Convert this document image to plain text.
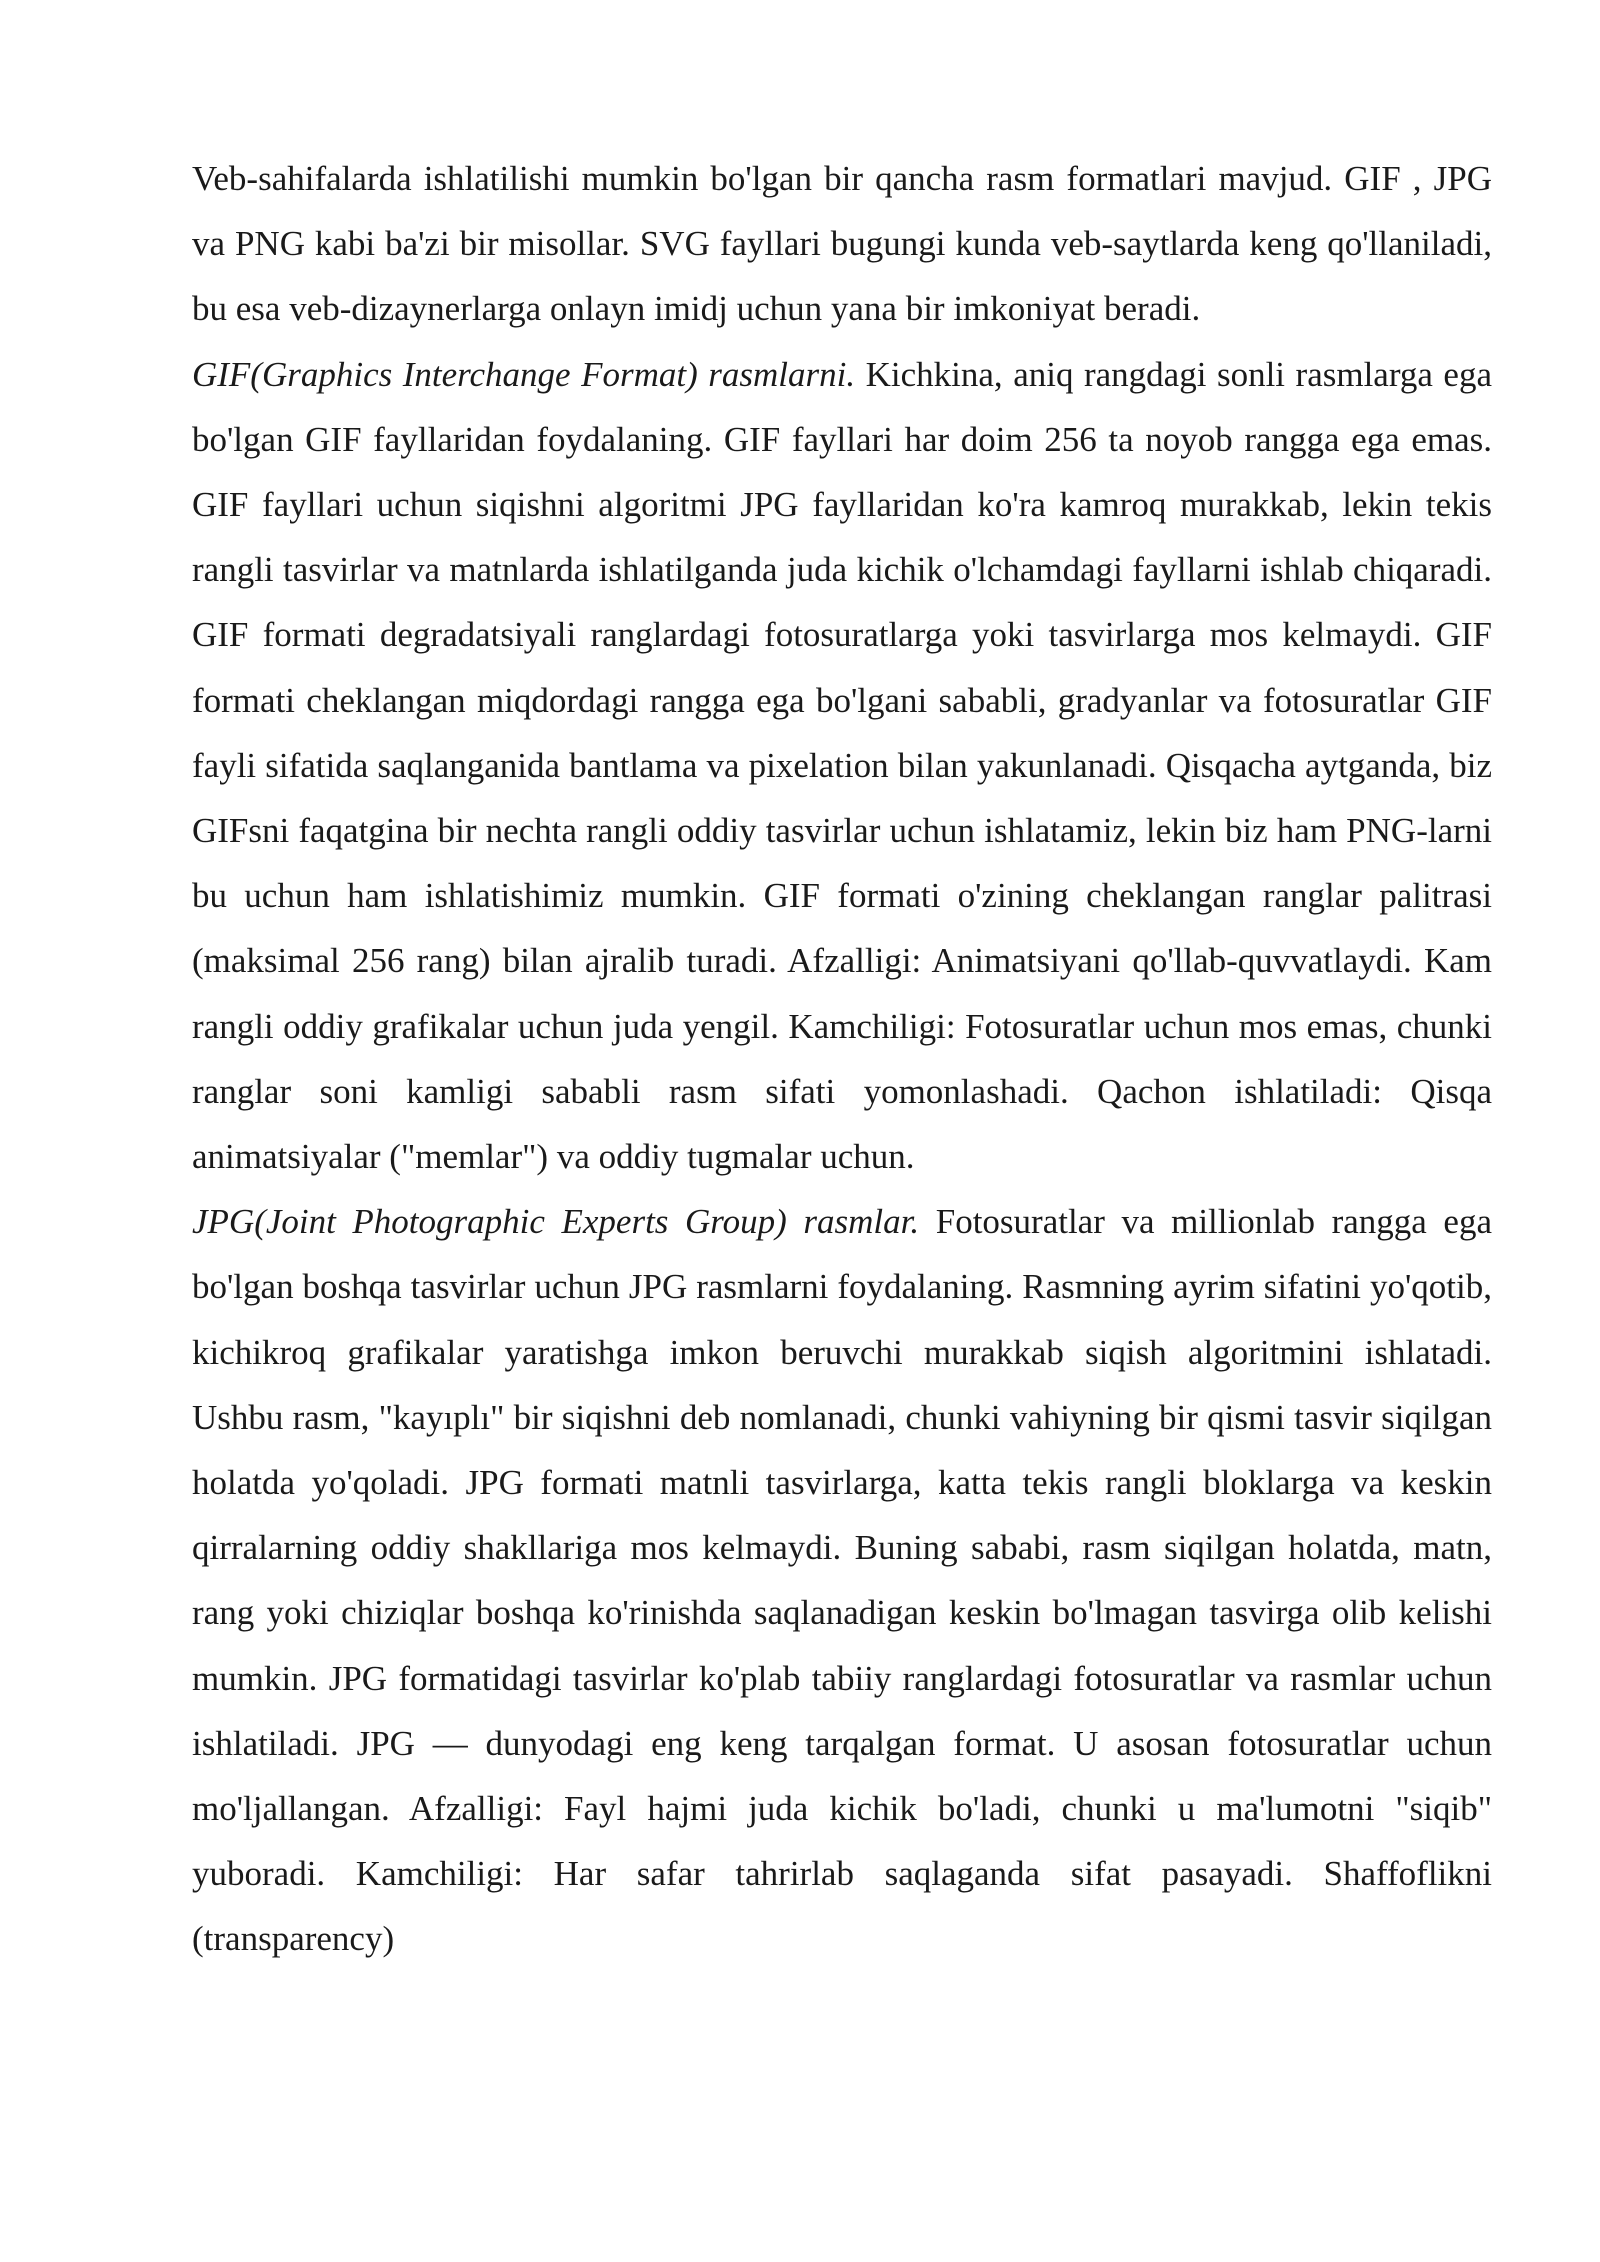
Veb-sahifalarda ishlatilishi mumkin bo'lgan bir qancha rasm formatlari mavjud. GIF , JPG va PNG kabi ba'zi bir misollar. SVG fayllari bugungi kunda veb-saytlarda keng qo'llaniladi, bu esa veb-dizaynerlarga onlayn imidj uchun yana bir imkoniyat beradi.

GIF(Graphics Interchange Format) rasmlarni. Kichkina, aniq rangdagi sonli rasmlarga ega bo'lgan GIF fayllaridan foydalaning. GIF fayllari har doim 256 ta noyob rangga ega emas. GIF fayllari uchun siqishni algoritmi JPG fayllaridan ko'ra kamroq murakkab, lekin tekis rangli tasvirlar va matnlarda ishlatilganda juda kichik o'lchamdagi fayllarni ishlab chiqaradi. GIF formati degradatsiyali ranglardagi fotosuratlarga yoki tasvirlarga mos kelmaydi. GIF formati cheklangan miqdordagi rangga ega bo'lgani sababli, gradyanlar va fotosuratlar GIF fayli sifatida saqlanganida bantlama va pixelation bilan yakunlanadi. Qisqacha aytganda, biz GIFsni faqatgina bir nechta rangli oddiy tasvirlar uchun ishlatamiz, lekin biz ham PNG-larni bu uchun ham ishlatishimiz mumkin. GIF formati o'zining cheklangan ranglar palitrasi (maksimal 256 rang) bilan ajralib turadi. Afzalligi: Animatsiyani qo'llab-quvvatlaydi. Kam rangli oddiy grafikalar uchun juda yengil. Kamchiligi: Fotosuratlar uchun mos emas, chunki ranglar soni kamligi sababli rasm sifati yomonlashadi. Qachon ishlatiladi: Qisqa animatsiyalar ("memlar") va oddiy tugmalar uchun.

JPG(Joint Photographic Experts Group) rasmlar. Fotosuratlar va millionlab rangga ega bo'lgan boshqa tasvirlar uchun JPG rasmlarni foydalaning. Rasmning ayrim sifatini yo'qotib, kichikroq grafikalar yaratishga imkon beruvchi murakkab siqish algoritmini ishlatadi. Ushbu rasm, "kayıplı" bir siqishni deb nomlanadi, chunki vahiyning bir qismi tasvir siqilgan holatda yo'qoladi. JPG formati matnli tasvirlarga, katta tekis rangli bloklarga va keskin qirralarning oddiy shakllariga mos kelmaydi. Buning sababi, rasm siqilgan holatda, matn, rang yoki chiziqlar boshqa ko'rinishda saqlanadigan keskin bo'lmagan tasvirga olib kelishi mumkin. JPG formatidagi tasvirlar ko'plab tabiiy ranglardagi fotosuratlar va rasmlar uchun ishlatiladi. JPG — dunyodagi eng keng tarqalgan format. U asosan fotosuratlar uchun mo'ljallangan. Afzalligi: Fayl hajmi juda kichik bo'ladi, chunki u ma'lumotni "siqib" yuboradi. Kamchiligi: Har safar tahrirlab saqlaganda sifat pasayadi. Shaffoflikni (transparency)
